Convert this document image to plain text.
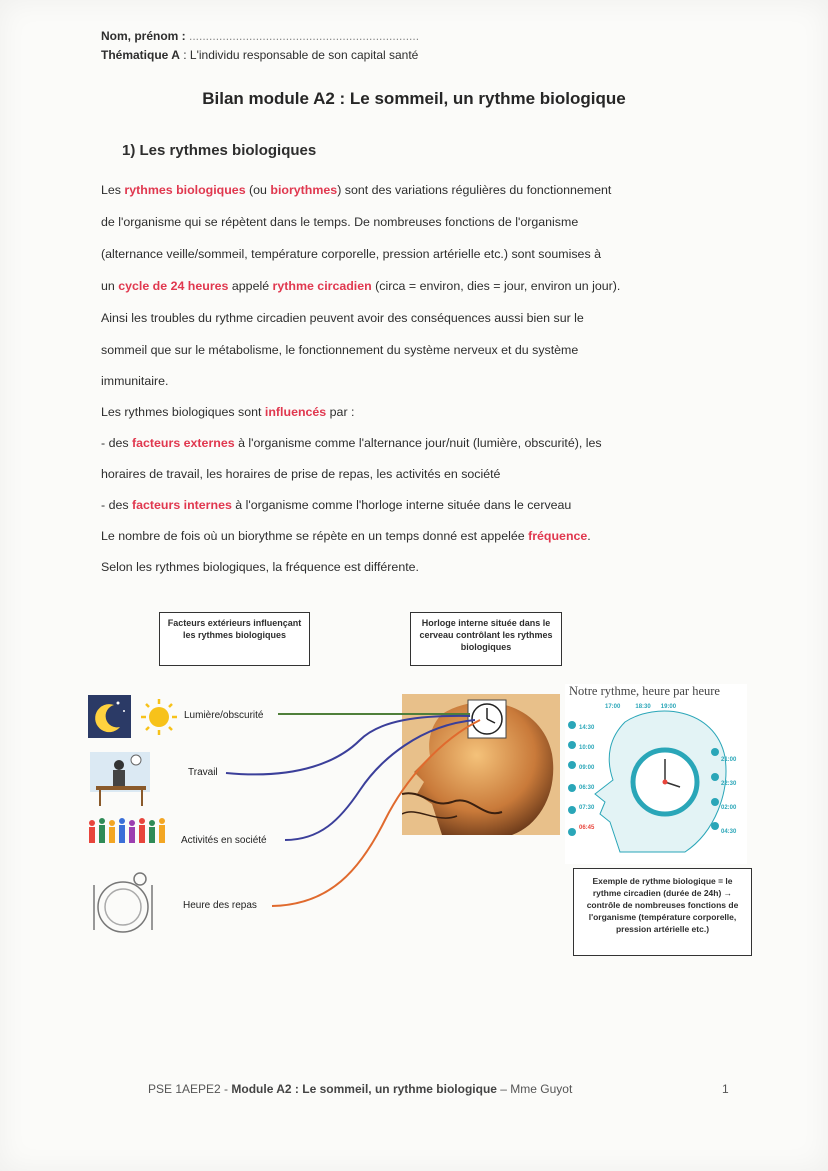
Nom, prénom : .....................................................................
Thématique A : L'individu responsable de son capital santé
Bilan module A2 : Le sommeil, un rythme biologique
1) Les rythmes biologiques
Les rythmes biologiques (ou biorythmes) sont des variations régulières du fonctionnement
de l'organisme qui se répètent dans le temps. De nombreuses fonctions de l'organisme
(alternance veille/sommeil, température corporelle, pression artérielle etc.) sont soumises à
un cycle de 24 heures appelé rythme circadien (circa = environ, dies = jour, environ un jour).
Ainsi les troubles du rythme circadien peuvent avoir des conséquences aussi bien sur le
sommeil que sur le métabolisme, le fonctionnement du système nerveux et du système
immunitaire.
Les rythmes biologiques sont influencés par :
- des facteurs externes à l'organisme comme l'alternance jour/nuit (lumière, obscurité), les
horaires de travail, les horaires de prise de repas, les activités en société
- des facteurs internes à l'organisme comme l'horloge interne située dans le cerveau
Le nombre de fois où un biorythme se répète en un temps donné est appelée fréquence.
Selon les rythmes biologiques, la fréquence est différente.
Facteurs extérieurs influençant les rythmes biologiques
Horloge interne située dans le cerveau contrôlant les rythmes biologiques
Lumière/obscurité
Travail
Activités en société
Heure des repas
Notre rythme, heure par heure
14:30
10:00
09:00
06:30
07:30
06:45
17:00	18:30 19:00
21:00
22:30
02:00
04:30
Exemple de rythme biologique = le rythme circadien (durée de 24h) → contrôle de nombreuses fonctions de l'organisme (température corporelle, pression artérielle etc.)
PSE 1AEPE2 - Module A2 : Le sommeil, un rythme biologique – Mme Guyot	1
